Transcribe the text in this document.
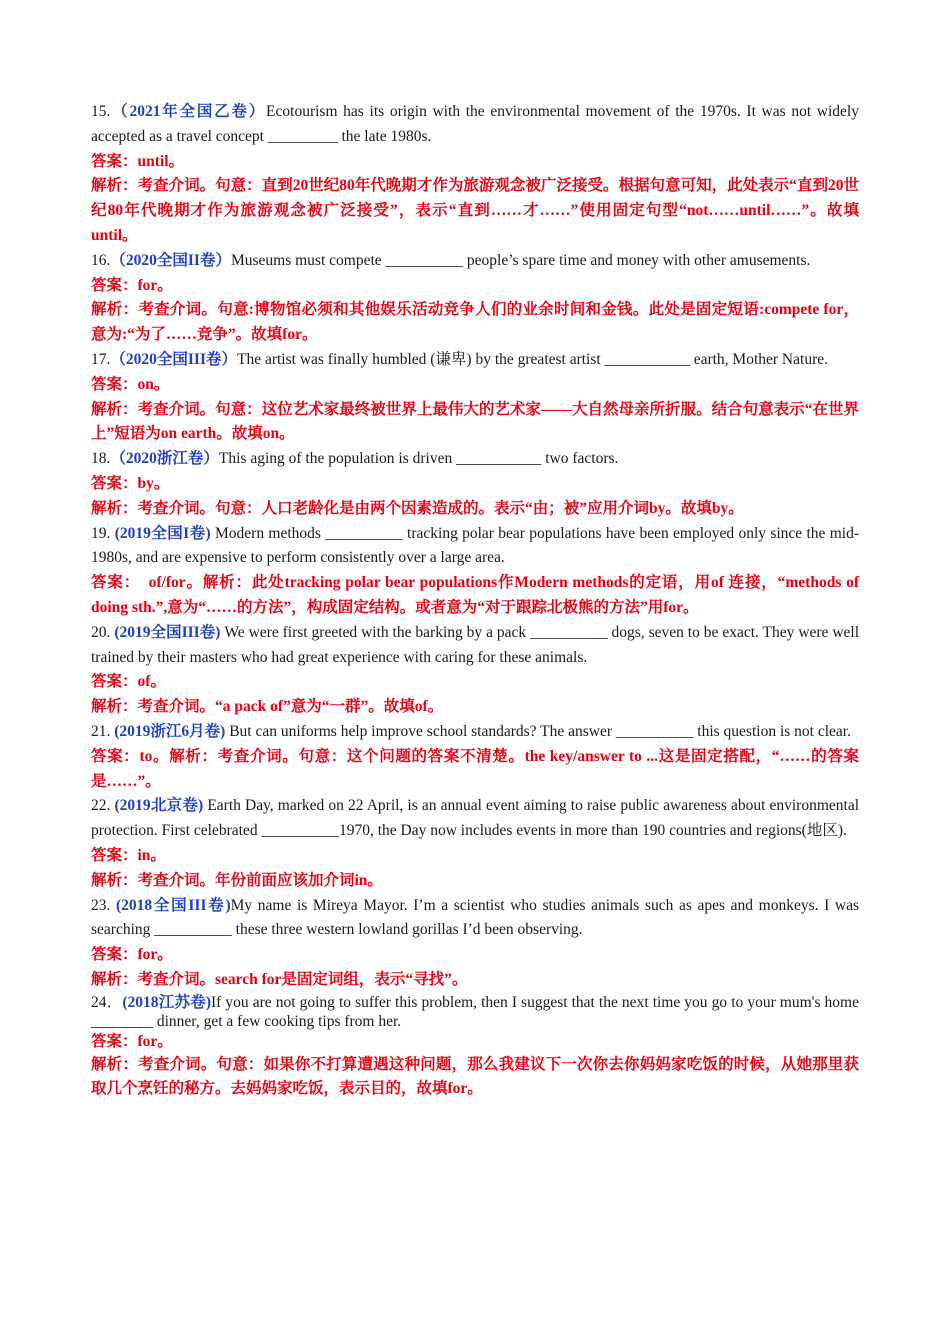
15.（2021年全国乙卷）Ecotourism has its origin with the environmental movement of the 1970s. It was not widely accepted as a travel concept _________ the late 1980s.

答案：until。

解析：考查介词。句意：直到20世纪80年代晚期才作为旅游观念被广泛接受。根据句意可知，此处表示“直到20世纪80年代晚期才作为旅游观念被广泛接受”，表示“直到……才……”使用固定句型“not……until……”。故填until。

16.（2020全国II卷）Museums must compete __________ people’s spare time and money with other amusements.

答案：for。

解析：考查介词。句意:博物馆必须和其他娱乐活动竞争人们的业余时间和金钱。此处是固定短语:compete for，意为:“为了……竞争”。故填for。

17.（2020全国III卷）The artist was finally humbled (谦卑) by the greatest artist ___________ earth, Mother Nature.

答案：on。

解析：考查介词。句意：这位艺术家最终被世界上最伟大的艺术家——大自然母亲所折服。结合句意表示“在世界上”短语为on earth。故填on。

18.（2020浙江卷）This aging of the population is driven ___________ two factors.

答案：by。

解析：考查介词。句意：人口老龄化是由两个因素造成的。表示“由；被”应用介词by。故填by。

19. (2019全国I卷) Modern methods __________ tracking polar bear populations have been employed only since the mid-1980s, and are expensive to perform consistently over a large area.

答案：　of/for。解析：此处tracking polar bear populations作Modern methods的定语，用of 连接，“methods of doing sth.”,意为“……的方法”，构成固定结构。或者意为“对于跟踪北极熊的方法”用for。

20. (2019全国III卷) We were first greeted with the barking by a pack __________ dogs, seven to be exact. They were well trained by their masters who had great experience with caring for these animals.

答案：of。

解析：考查介词。“a pack of”意为“一群”。故填of。

21. (2019浙江6月卷) But can uniforms help improve school standards? The answer __________ this question is not clear.

答案：to。解析：考查介词。句意：这个问题的答案不清楚。the key/answer to ...这是固定搭配，“……的答案是……”。

22. (2019北京卷) Earth Day, marked on 22 April, is an annual event aiming to raise public awareness about environmental protection. First celebrated __________1970, the Day now includes events in more than 190 countries and regions(地区).

答案：in。

解析：考查介词。年份前面应该加介词in。

23. (2018全国III卷)My name is Mireya Mayor. I’m a scientist who studies animals such as apes and monkeys. I was searching __________ these three western lowland gorillas I’d been observing.

答案：for。

解析：考查介词。search for是固定词组，表示“寻找”。

24．(2018江苏卷)If you are not going to suffer this problem, then I suggest that the next time you go to your mum's home ________ dinner, get a few cooking tips from her.

答案：for。

解析：考查介词。句意：如果你不打算遭遇这种问题，那么我建议下一次你去你妈妈家吃饭的时候，从她那里获取几个烹饪的秘方。去妈妈家吃饭，表示目的，故填for。
